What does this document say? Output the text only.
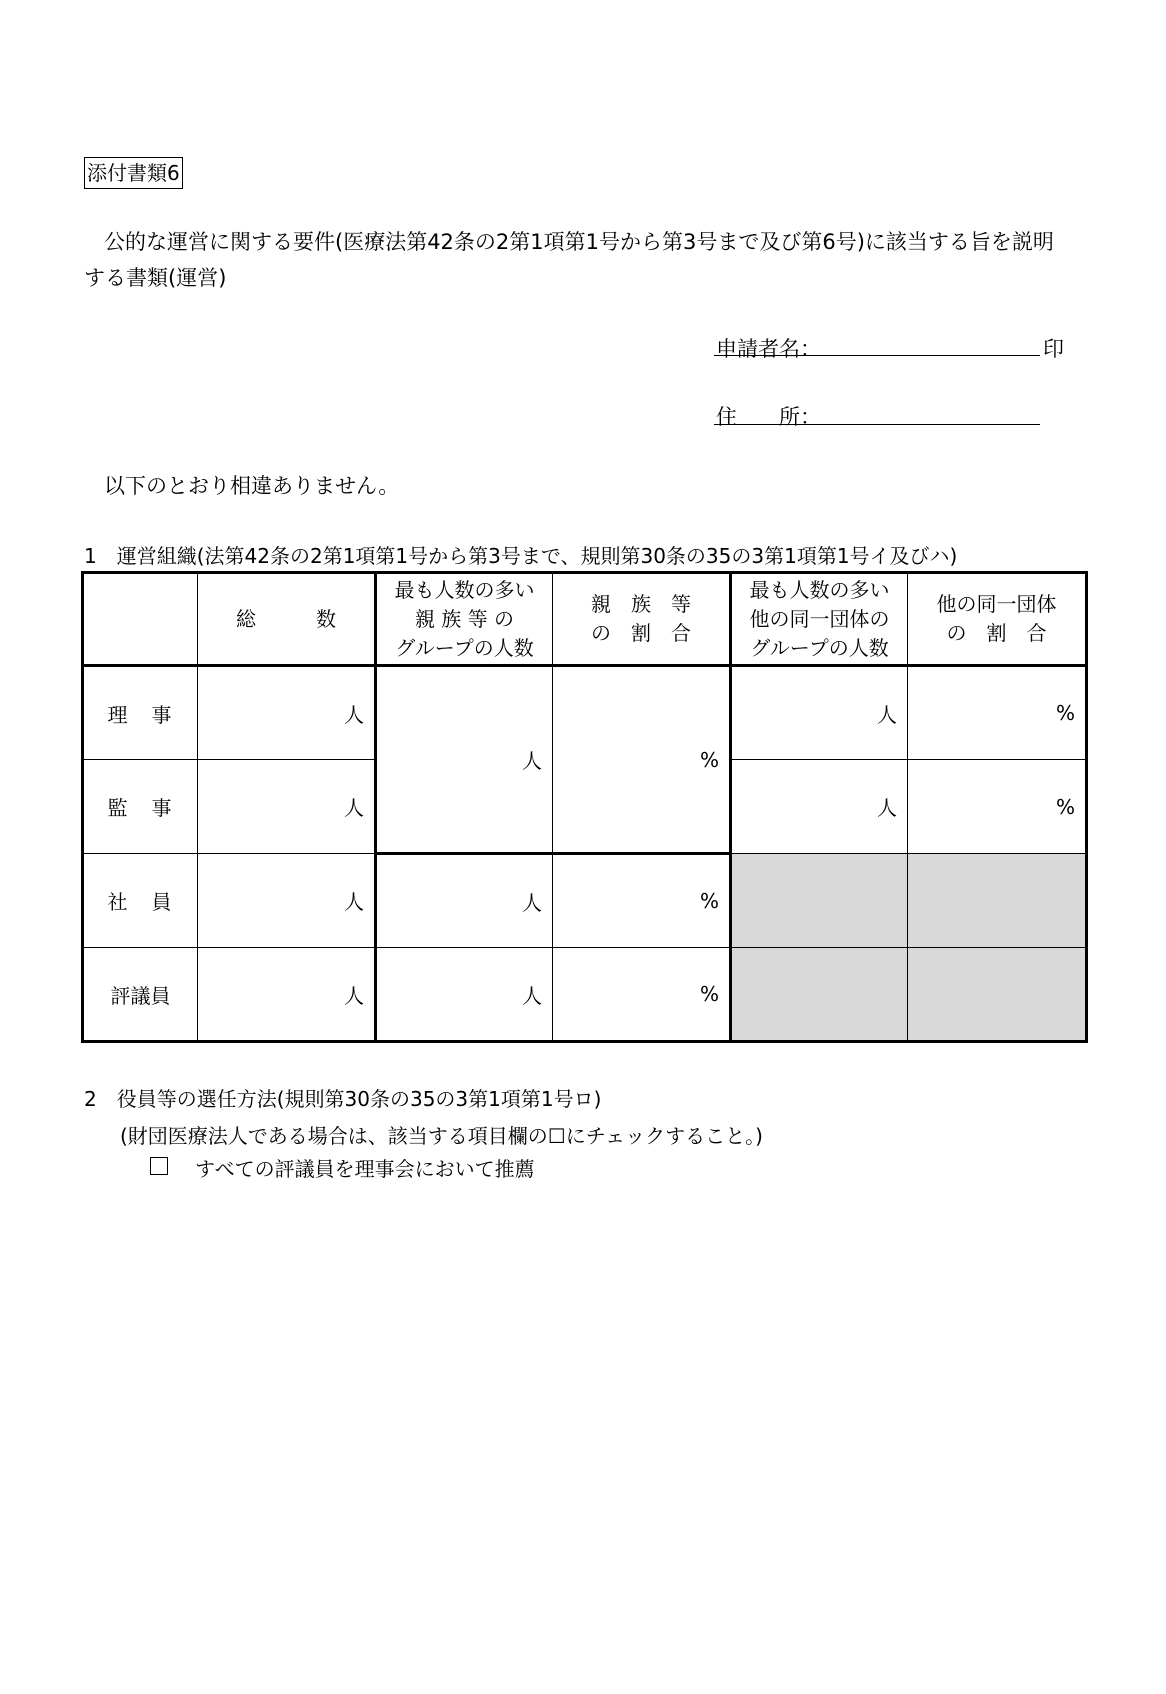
添付書類6
公的な運営に関する要件(医療法第42条の2第1項第1号から第3号まで及び第6号)に該当する旨を説明
する書類(運営)
申請者名：	印
住　　所：
以下のとおり相違ありません。
1　運営組織(法第42条の2第1項第1号から第3号まで、規則第30条の35の3第1項第1号イ及びハ)
	総　　　数	最も人数の多い
親 族 等 の
グループの人数	親　族　等
の　割　合	最も人数の多い
他の同一団体の
グループの人数	他の同一団体
の　割　合

理　事	人	人	%	人	%
監　事	人			人	%
社　員	人	人	%		
評議員	人	人	%		
2　役員等の選任方法(規則第30条の35の3第1項第1号ロ)
(財団医療法人である場合は、該当する項目欄の☐にチェックすること。)
すべての評議員を理事会において推薦
